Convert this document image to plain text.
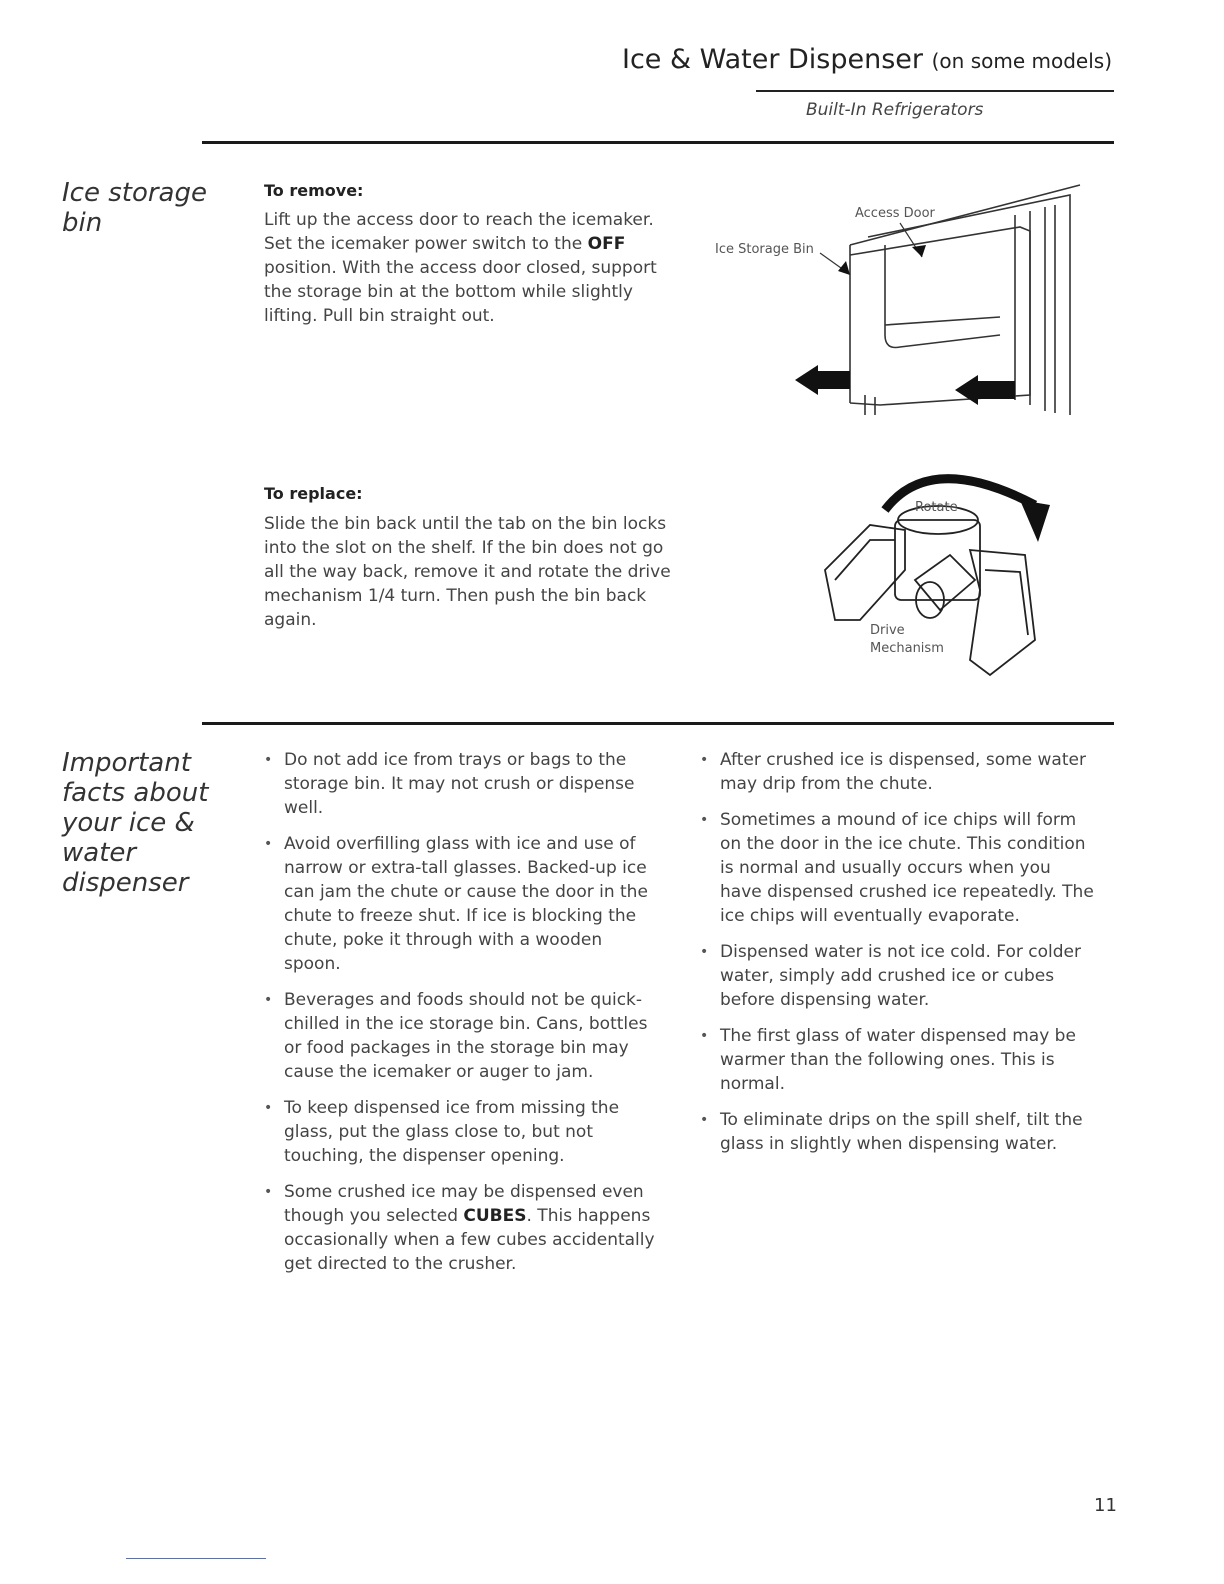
Ice & Water Dispenser (on some models)
Built-In Refrigerators
Ice storage bin
To remove:

Lift up the access door to reach the icemaker. Set the icemaker power switch to the OFF position. With the access door closed, support the storage bin at the bottom while slightly lifting. Pull bin straight out.

To replace:

Slide the bin back until the tab on the bin locks into the slot on the shelf. If the bin does not go all the way back, remove it and rotate the drive mechanism 1/4 turn. Then push the bin back again.

Access Door
Ice Storage Bin
Rotate
Drive
Mechanism
Important facts about your ice & water dispenser
• Do not add ice from trays or bags to the storage bin. It may not crush or dispense well.
• Avoid overfilling glass with ice and use of narrow or extra-tall glasses. Backed-up ice can jam the chute or cause the door in the chute to freeze shut. If ice is blocking the chute, poke it through with a wooden spoon.
• Beverages and foods should not be quick-chilled in the ice storage bin. Cans, bottles or food packages in the storage bin may cause the icemaker or auger to jam.
• To keep dispensed ice from missing the glass, put the glass close to, but not touching, the dispenser opening.
• Some crushed ice may be dispensed even though you selected CUBES. This happens occasionally when a few cubes accidentally get directed to the crusher.
• After crushed ice is dispensed, some water may drip from the chute.
• Sometimes a mound of ice chips will form on the door in the ice chute. This condition is normal and usually occurs when you have dispensed crushed ice repeatedly. The ice chips will eventually evaporate.
• Dispensed water is not ice cold. For colder water, simply add crushed ice or cubes before dispensing water.
• The first glass of water dispensed may be warmer than the following ones. This is normal.
• To eliminate drips on the spill shelf, tilt the glass in slightly when dispensing water.
11
